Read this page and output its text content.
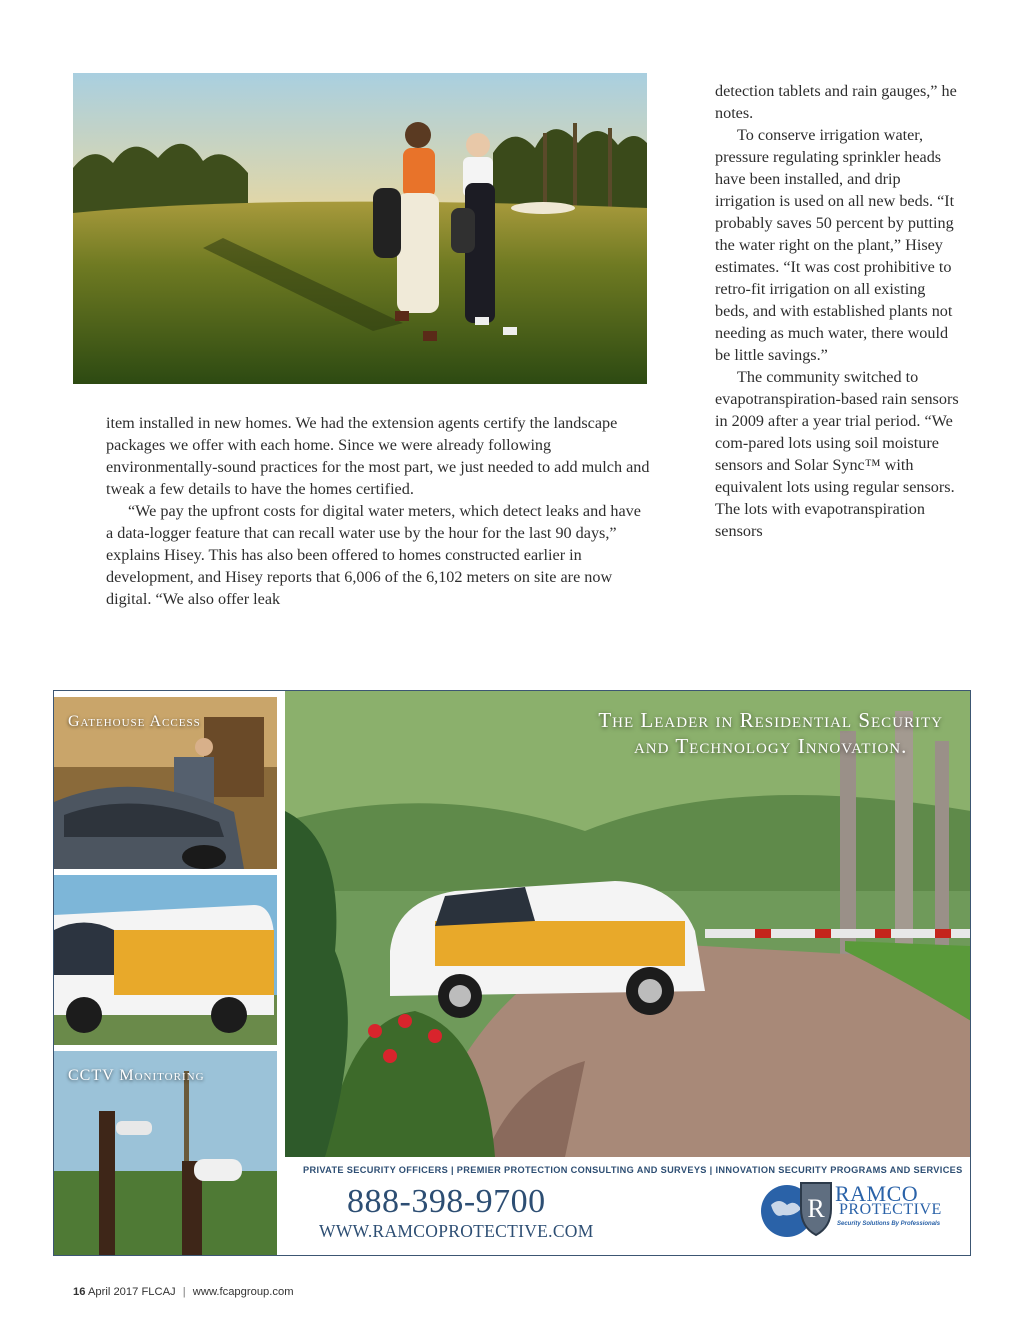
item installed in new homes. We had the extension agents certify the landscape packages we offer with each home. Since we were already following environmentally-sound practices for the most part, we just needed to add mulch and tweak a few details to have the homes certified.

“We pay the upfront costs for digital water meters, which detect leaks and have a data-logger feature that can recall water use by the hour for the last 90 days,” explains Hisey. This has also been offered to homes constructed earlier in development, and Hisey reports that 6,006 of the 6,102 meters on site are now digital. “We also offer leak

detection tablets and rain gauges,” he notes.

To conserve irrigation water, pressure regulating sprinkler heads have been installed, and drip irrigation is used on all new beds. “It probably saves 50 percent by putting the water right on the plant,” Hisey estimates. “It was cost prohibitive to retro-fit irrigation on all existing beds, and with established plants not needing as much water, there would be little savings.”

The community switched to evapotranspiration-based rain sensors in 2009 after a year trial period. “We com-pared lots using soil moisture sensors and Solar Sync™ with equivalent lots using regular sensors. The lots with evapotranspiration sensors

Gatehouse Access
CCTV Monitoring
The Leader in Residential Security
and Technology Innovation.
PRIVATE SECURITY OFFICERS | PREMIER PROTECTION CONSULTING AND SURVEYS | INNOVATION SECURITY PROGRAMS AND SERVICES
888-398-9700
WWW.RAMCOPROTECTIVE.COM
R
RAMCO
PROTECTIVE
Security Solutions By Professionals
16 April 2017 FLCAJ | www.fcapgroup.com
